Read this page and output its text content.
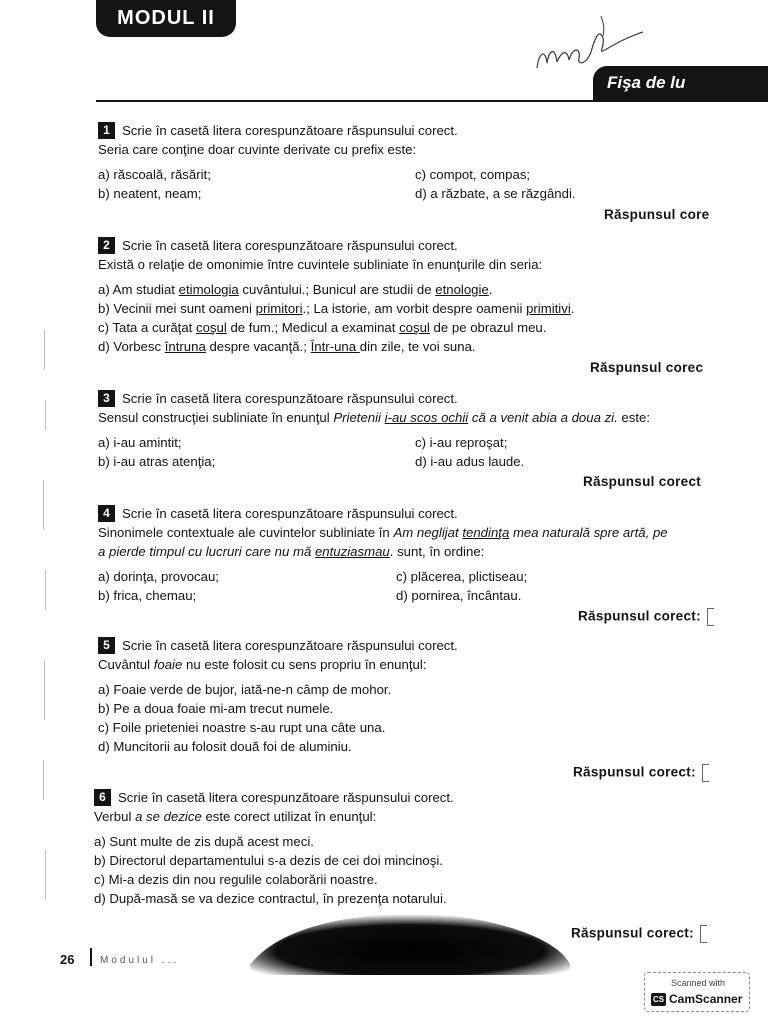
MODUL II
Fişa de lu
1 Scrie în casetă litera corespunzătoare răspunsului corect.
Seria care conţine doar cuvinte derivate cu prefix este:
a) răscoală, răsărit;	c) compot, compas;
b) neatent, neam;	d) a răzbate, a se răzgândi.
Răspunsul core
2 Scrie în casetă litera corespunzătoare răspunsului corect.
Există o relaţie de omonimie între cuvintele subliniate în enunţurile din seria:
a) Am studiat etimologia cuvântului.; Bunicul are studii de etnologie.
b) Vecinii mei sunt oameni primitori.; La istorie, am vorbit despre oamenii primitivi.
c) Tata a curăţat coşul de fum.; Medicul a examinat coşul de pe obrazul meu.
d) Vorbesc întruna despre vacanţă.; Într-una din zile, te voi suna.
Răspunsul corec
3 Scrie în casetă litera corespunzătoare răspunsului corect.
Sensul construcţiei subliniate în enunţul Prietenii i-au scos ochii că a venit abia a doua zi. este:
a) i-au amintit;	c) i-au reproşat;
b) i-au atras atenţia;	d) i-au adus laude.
Răspunsul corect
4 Scrie în casetă litera corespunzătoare răspunsului corect.
Sinonimele contextuale ale cuvintelor subliniate în Am neglijat tendinţa mea naturală spre artă, pe
a pierde timpul cu lucruri care nu mă entuziasmau. sunt, în ordine:
a) dorinţa, provocau;	c) plăcerea, plictiseau;
b) frica, chemau;	d) pornirea, încântau.
Răspunsul corect:
5 Scrie în casetă litera corespunzătoare răspunsului corect.
Cuvântul foaie nu este folosit cu sens propriu în enunţul:
a) Foaie verde de bujor, iată-ne-n câmp de mohor.
b) Pe a doua foaie mi-am trecut numele.
c) Foile prieteniei noastre s-au rupt una câte una.
d) Muncitorii au folosit două foi de aluminiu.
Răspunsul corect:
6 Scrie în casetă litera corespunzătoare răspunsului corect.
Verbul a se dezice este corect utilizat în enunţul:
a) Sunt multe de zis după acest meci.
b) Directorul departamentului s-a dezis de cei doi mincinoşi.
c) Mi-a dezis din nou regulile colaborării noastre.
d) După-masă se va dezice contractul, în prezenţa notarului.
Răspunsul corect:
26	Modulul ...
Scanned with
CS CamScanner
